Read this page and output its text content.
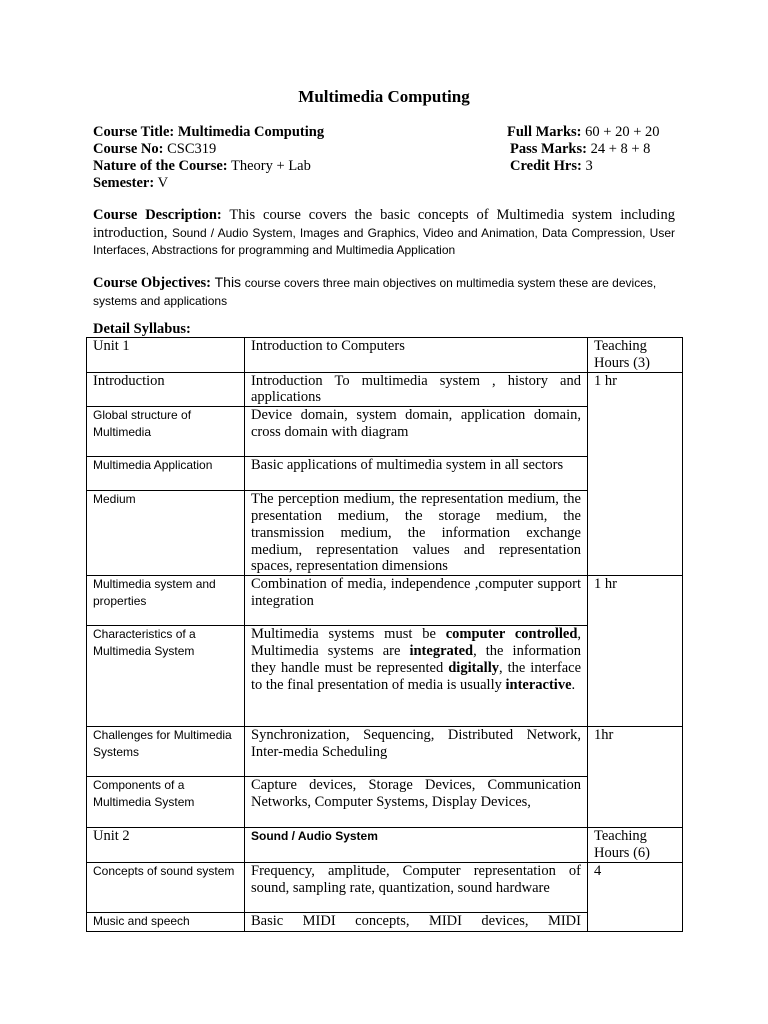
Multimedia Computing
Course Title: Multimedia Computing
Course No: CSC319
Nature of the Course: Theory + Lab
Semester: V
Full Marks: 60 + 20 + 20
Pass Marks: 24 + 8 + 8
Credit Hrs: 3
Course Description: This course covers the basic concepts of Multimedia system including introduction, Sound / Audio System, Images and Graphics, Video and Animation, Data Compression, User Interfaces, Abstractions for programming and Multimedia Application
Course Objectives: This course covers three main objectives on multimedia system these are devices, systems and applications
Detail Syllabus:
Unit 1	Introduction to Computers	Teaching Hours (3)
Introduction	Introduction To multimedia system , history and applications	1 hr

Global structure of Multimedia	Device domain, system domain, application domain, cross domain with diagram	

Multimedia Application	Basic applications of multimedia system in all sectors	

Medium	The perception medium, the representation medium, the presentation medium, the storage medium, the transmission medium, the information exchange medium, representation values and representation spaces, representation dimensions	

Multimedia system and properties	Combination of media, independence ,computer support integration	1 hr

Characteristics of a Multimedia System	Multimedia systems must be computer controlled, Multimedia systems are integrated, the information they handle must be represented digitally, the interface to the final presentation of media is usually interactive.	

Challenges for Multimedia Systems	Synchronization, Sequencing, Distributed Network, Inter-media Scheduling	1hr

Components of a Multimedia System	Capture devices, Storage Devices, Communication Networks, Computer Systems, Display Devices,	
Unit 2	Sound / Audio System	Teaching Hours (6)

Concepts of sound system	Frequency, amplitude, Computer representation of sound, sampling rate, quantization, sound hardware	4

Music and speech	Basic MIDI concepts, MIDI devices, MIDI	
